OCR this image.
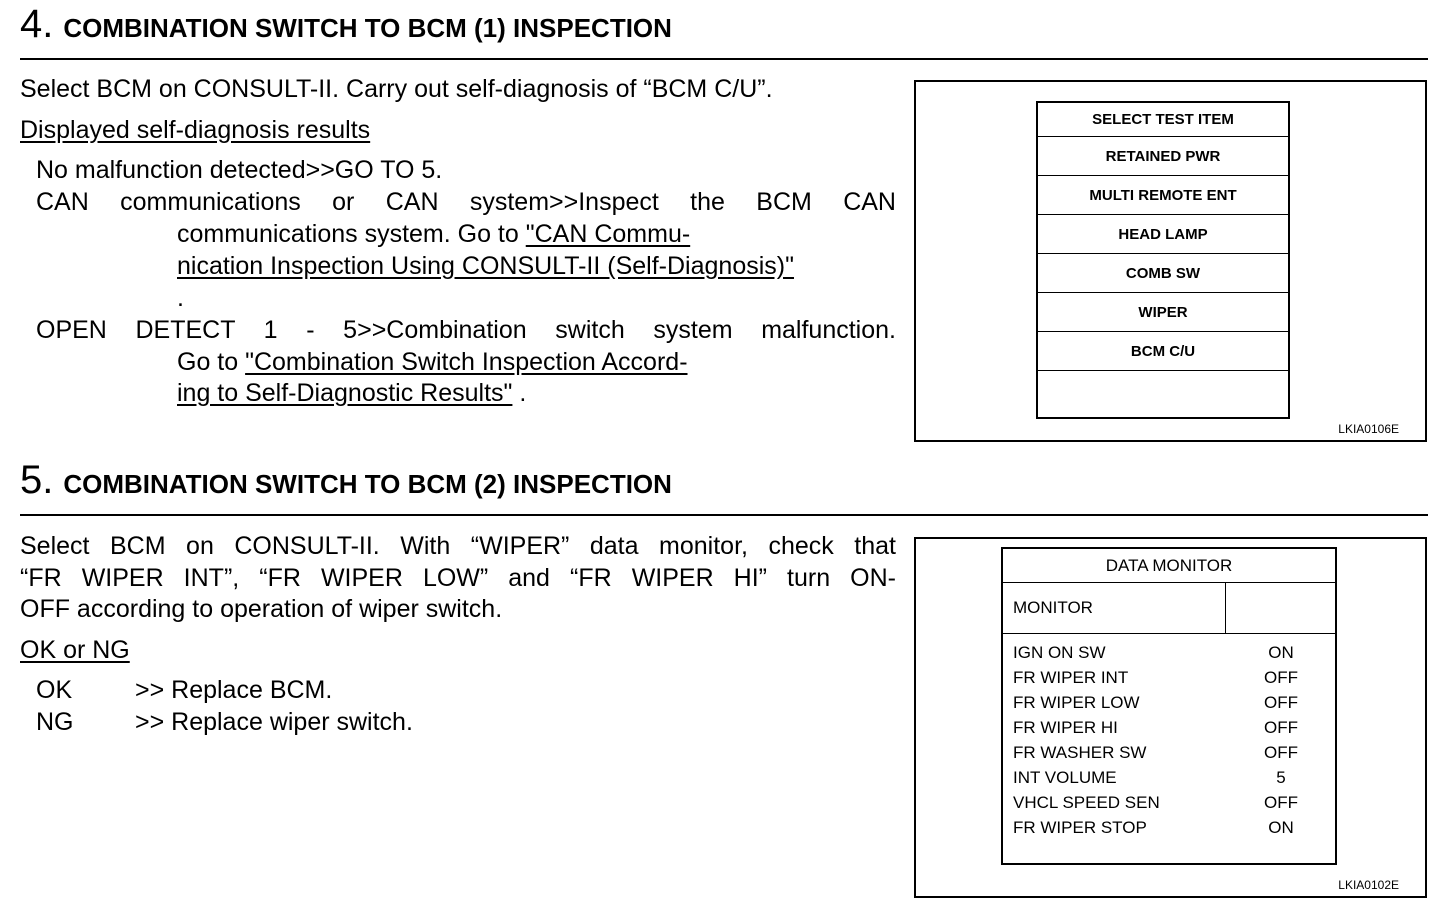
4. COMBINATION SWITCH TO BCM (1) INSPECTION
Select BCM on CONSULT-II. Carry out self-diagnosis of “BCM C/U”.
Displayed self-diagnosis results
No malfunction detected>>GO TO 5.
CAN communications or CAN system>>Inspect the BCM CAN
communications system. Go to "CAN Commu-
nication Inspection Using CONSULT-II (Self-Diagnosis)"
.
OPEN DETECT 1 - 5>>Combination switch system malfunction.
Go to "Combination Switch Inspection Accord-
ing to Self-Diagnostic Results" .
SELECT TEST ITEM
RETAINED PWR
MULTI REMOTE ENT
HEAD LAMP
COMB SW
WIPER
BCM C/U
LKIA0106E
5. COMBINATION SWITCH TO BCM (2) INSPECTION
Select BCM on CONSULT-II. With “WIPER” data monitor, check that
“FR WIPER INT”, “FR WIPER LOW” and “FR WIPER HI” turn ON-
OFF according to operation of wiper switch.
OK or NG
OK	>> Replace BCM.
NG >> Replace wiper switch.
DATA MONITOR
MONITOR
IGN ON SW	ON
FR WIPER INT	OFF
FR WIPER LOW	OFF
FR WIPER HI	OFF
FR WASHER SW	OFF
INT VOLUME	5
VHCL SPEED SEN	OFF
FR WIPER STOP	ON
LKIA0102E
